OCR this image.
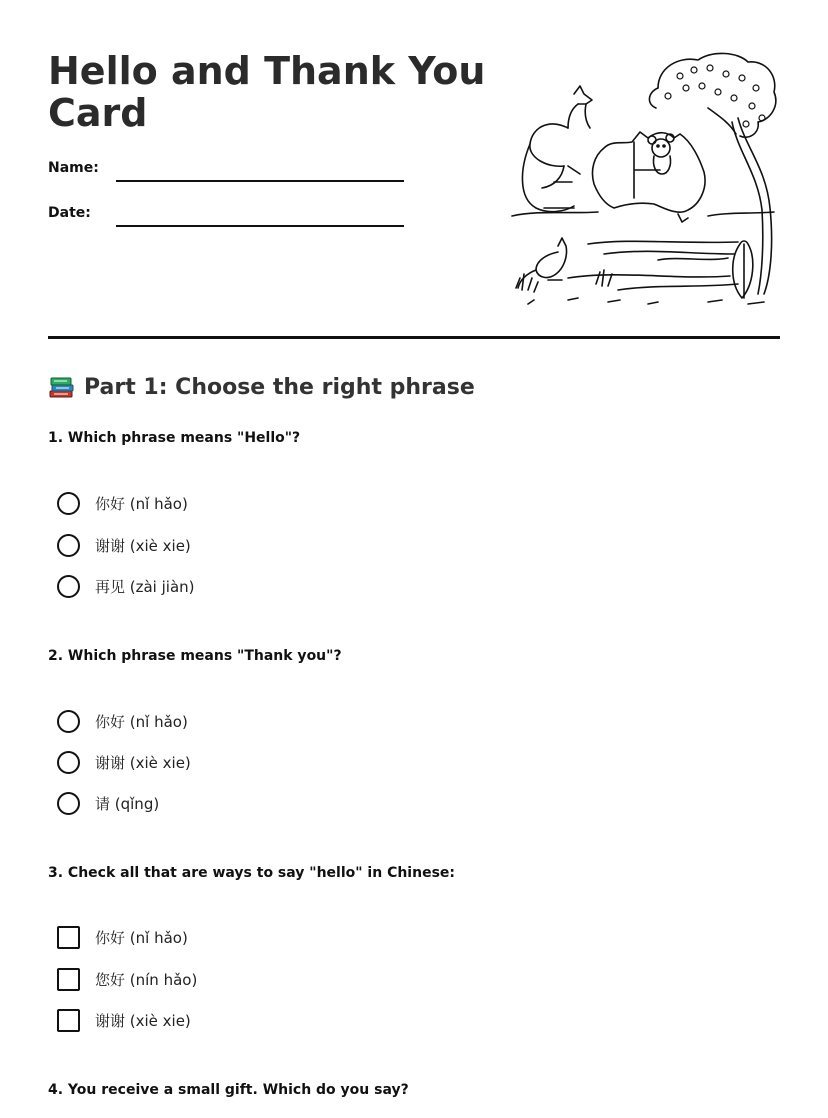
Hello and Thank You Card
Name:
Date:
Part 1: Choose the right phrase

1. Which phrase means "Hello"?

你好 (nǐ hǎo)
谢谢 (xiè xie)
再见 (zài jiàn)

2. Which phrase means "Thank you"?

你好 (nǐ hǎo)
谢谢 (xiè xie)
请 (qǐng)

3. Check all that are ways to say "hello" in Chinese:

你好 (nǐ hǎo)
您好 (nín hǎo)
谢谢 (xiè xie)

4. You receive a small gift. Which do you say?
